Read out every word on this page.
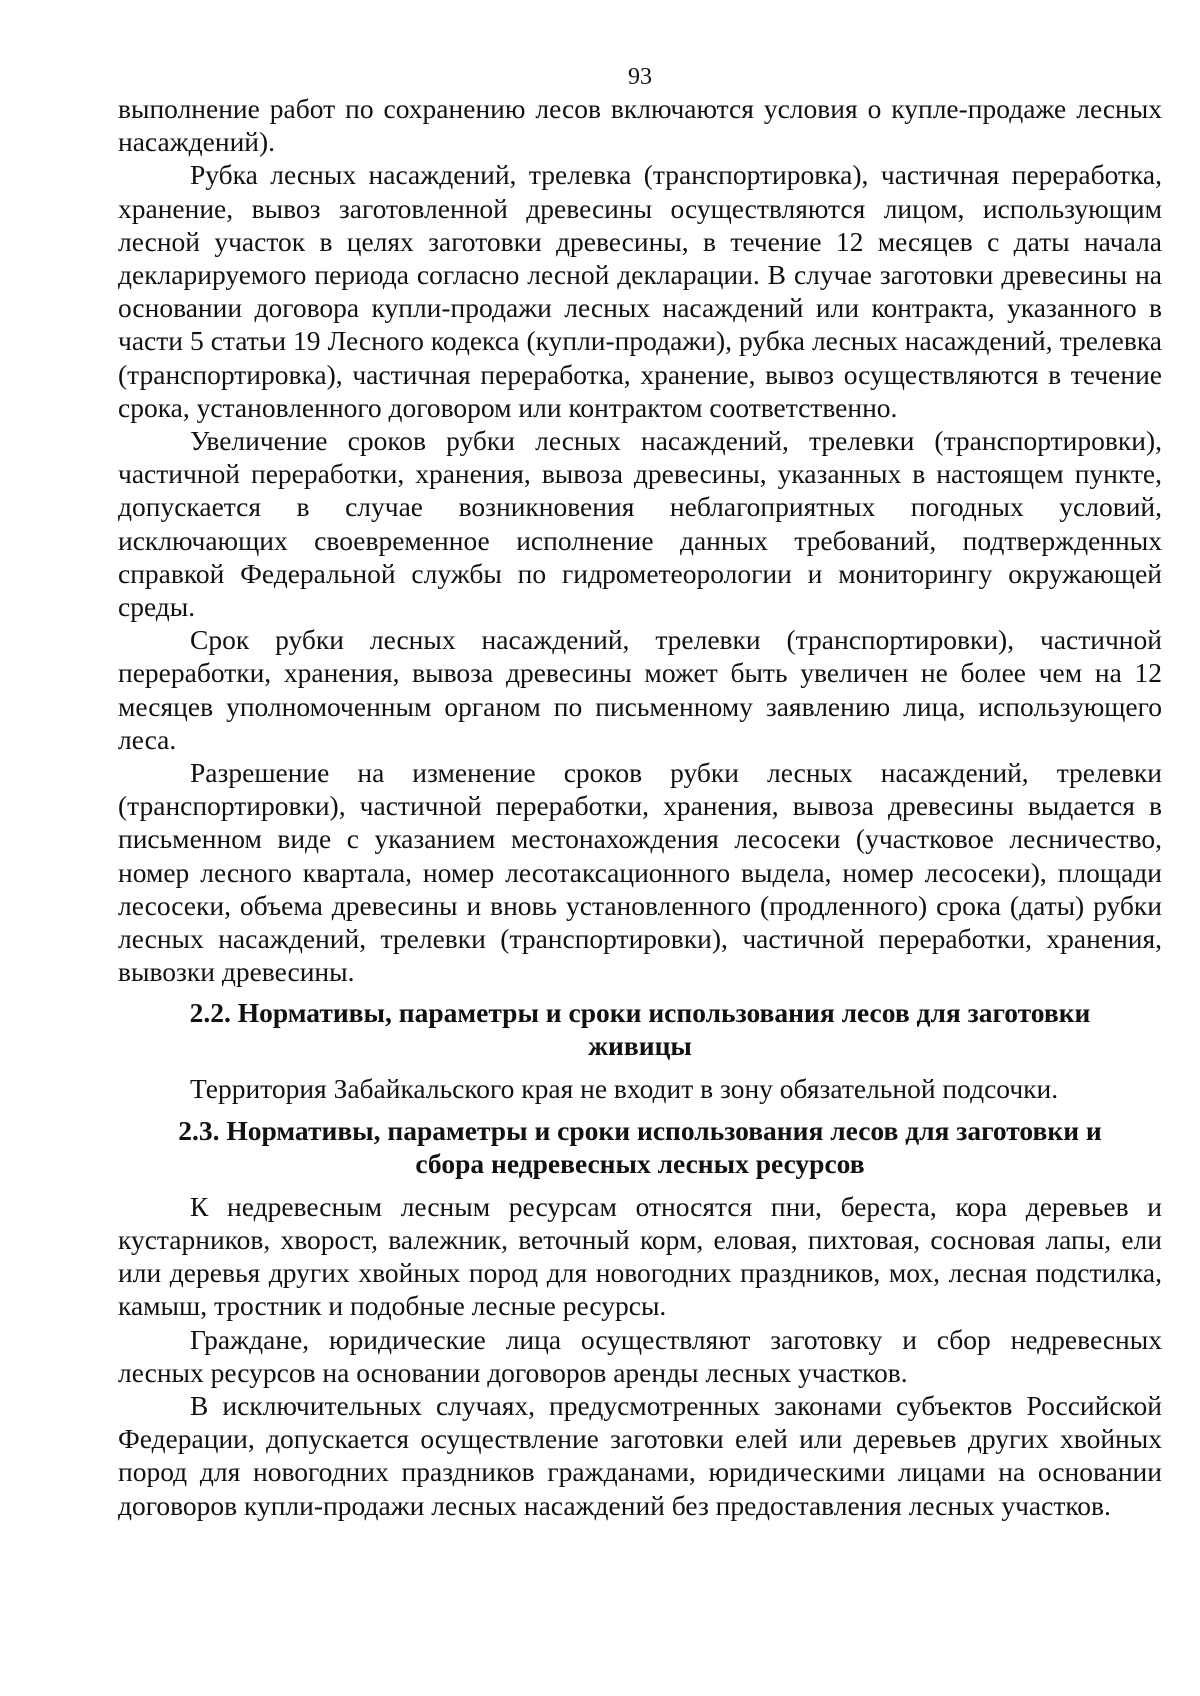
93

выполнение работ по сохранению лесов включаются условия о купле-продаже лесных насаждений).

Рубка лесных насаждений, трелевка (транспортировка), частичная переработка, хранение, вывоз заготовленной древесины осуществляются лицом, использующим лесной участок в целях заготовки древесины, в течение 12 месяцев с даты начала декларируемого периода согласно лесной декларации. В случае заготовки древесины на основании договора купли-продажи лесных насаждений или контракта, указанного в части 5 статьи 19 Лесного кодекса (купли-продажи), рубка лесных насаждений, трелевка (транспортировка), частичная переработка, хранение, вывоз осуществляются в течение срока, установленного договором или контрактом соответственно.

Увеличение сроков рубки лесных насаждений, трелевки (транспортировки), частичной переработки, хранения, вывоза древесины, указанных в настоящем пункте, допускается в случае возникновения неблагоприятных погодных условий, исключающих своевременное исполнение данных требований, подтвержденных справкой Федеральной службы по гидрометеорологии и мониторингу окружающей среды.

Срок рубки лесных насаждений, трелевки (транспортировки), частичной переработки, хранения, вывоза древесины может быть увеличен не более чем на 12 месяцев уполномоченным органом по письменному заявлению лица, использующего леса.

Разрешение на изменение сроков рубки лесных насаждений, трелевки (транспортировки), частичной переработки, хранения, вывоза древесины выдается в письменном виде с указанием местонахождения лесосеки (участковое лесничество, номер лесного квартала, номер лесотаксационного выдела, номер лесосеки), площади лесосеки, объема древесины и вновь установленного (продленного) срока (даты) рубки лесных насаждений, трелевки (транспортировки), частичной переработки, хранения, вывозки древесины.

2.2. Нормативы, параметры и сроки использования лесов для заготовки живицы

Территория Забайкальского края не входит в зону обязательной подсочки.

2.3. Нормативы, параметры и сроки использования лесов для заготовки и сбора недревесных лесных ресурсов

К недревесным лесным ресурсам относятся пни, береста, кора деревьев и кустарников, хворост, валежник, веточный корм, еловая, пихтовая, сосновая лапы, ели или деревья других хвойных пород для новогодних праздников, мох, лесная подстилка, камыш, тростник и подобные лесные ресурсы.

Граждане, юридические лица осуществляют заготовку и сбор недревесных лесных ресурсов на основании договоров аренды лесных участков.

В исключительных случаях, предусмотренных законами субъектов Российской Федерации, допускается осуществление заготовки елей или деревьев других хвойных пород для новогодних праздников гражданами, юридическими лицами на основании договоров купли-продажи лесных насаждений без предоставления лесных участков.
